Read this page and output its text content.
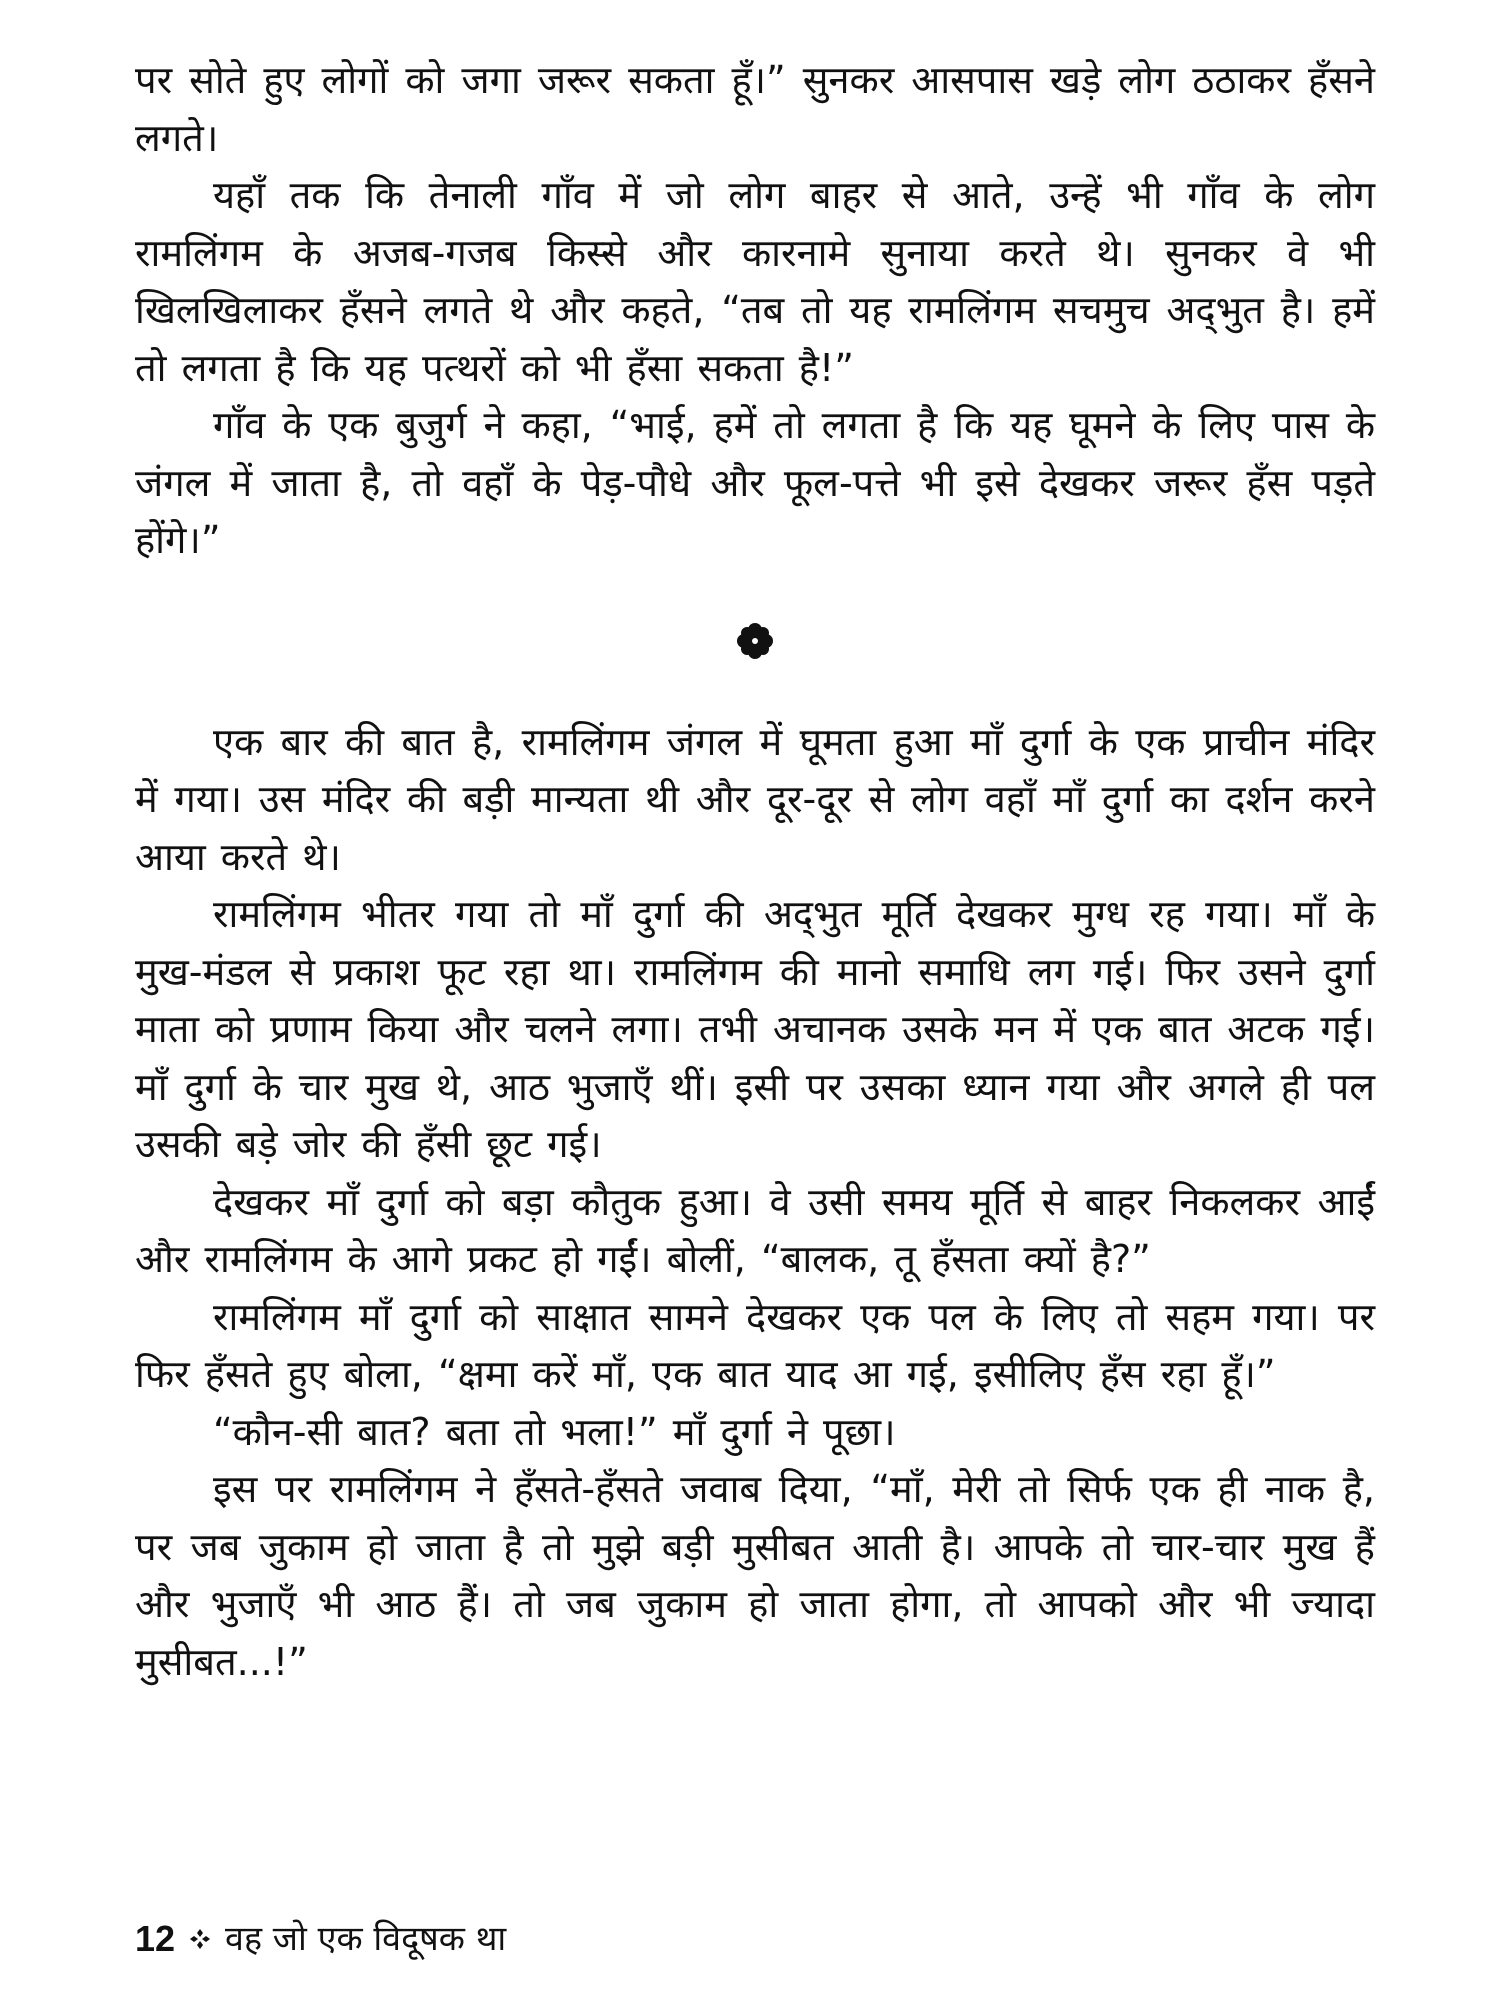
पर सोते हुए लोगों को जगा जरूर सकता हूँ।” सुनकर आसपास खड़े लोग ठठाकर हँसने लगते।

यहाँ तक कि तेनाली गाँव में जो लोग बाहर से आते, उन्हें भी गाँव के लोग रामलिंगम के अजब-गजब किस्से और कारनामे सुनाया करते थे। सुनकर वे भी खिलखिलाकर हँसने लगते थे और कहते, “तब तो यह रामलिंगम सचमुच अद्‌भुत है। हमें तो लगता है कि यह पत्थरों को भी हँसा सकता है!”

गाँव के एक बुजुर्ग ने कहा, “भाई, हमें तो लगता है कि यह घूमने के लिए पास के जंगल में जाता है, तो वहाँ के पेड़-पौधे और फूल-पत्ते भी इसे देखकर जरूर हँस पड़ते होंगे।”

एक बार की बात है, रामलिंगम जंगल में घूमता हुआ माँ दुर्गा के एक प्राचीन मंदिर में गया। उस मंदिर की बड़ी मान्यता थी और दूर-दूर से लोग वहाँ माँ दुर्गा का दर्शन करने आया करते थे।

रामलिंगम भीतर गया तो माँ दुर्गा की अद्‌भुत मूर्ति देखकर मुग्ध रह गया। माँ के मुख-मंडल से प्रकाश फूट रहा था। रामलिंगम की मानो समाधि लग गई। फिर उसने दुर्गा माता को प्रणाम किया और चलने लगा। तभी अचानक उसके मन में एक बात अटक गई। माँ दुर्गा के चार मुख थे, आठ भुजाएँ थीं। इसी पर उसका ध्यान गया और अगले ही पल उसकी बड़े जोर की हँसी छूट गई।

देखकर माँ दुर्गा को बड़ा कौतुक हुआ। वे उसी समय मूर्ति से बाहर निकलकर आईं और रामलिंगम के आगे प्रकट हो गईं। बोलीं, “बालक, तू हँसता क्यों है?”

रामलिंगम माँ दुर्गा को साक्षात सामने देखकर एक पल के लिए तो सहम गया। पर फिर हँसते हुए बोला, “क्षमा करें माँ, एक बात याद आ गई, इसीलिए हँस रहा हूँ।”

“कौन-सी बात? बता तो भला!” माँ दुर्गा ने पूछा।

इस पर रामलिंगम ने हँसते-हँसते जवाब दिया, “माँ, मेरी तो सिर्फ एक ही नाक है, पर जब जुकाम हो जाता है तो मुझे बड़ी मुसीबत आती है। आपके तो चार-चार मुख हैं और भुजाएँ भी आठ हैं। तो जब जुकाम हो जाता होगा, तो आपको और भी ज्यादा मुसीबत...!”

12 वह जो एक विदूषक था
